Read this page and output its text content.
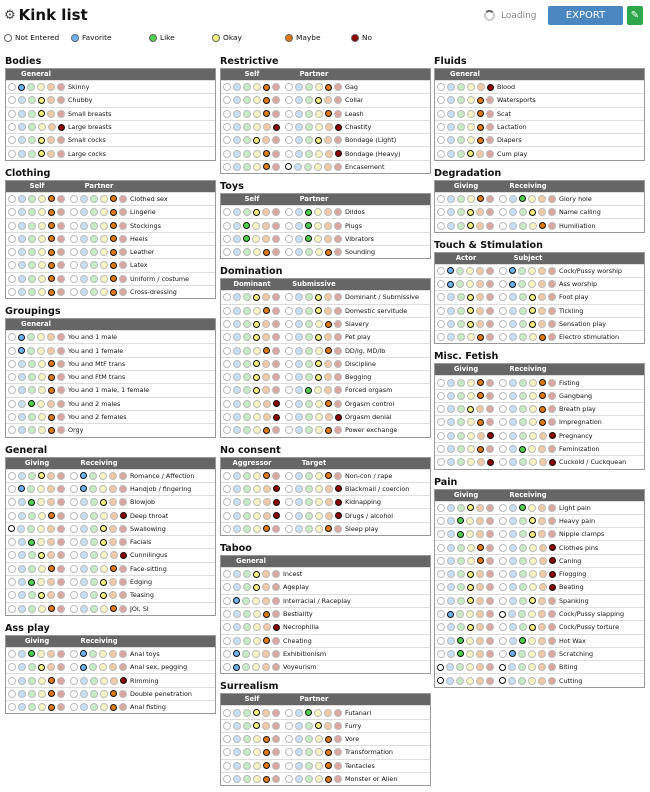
⚙ Kink list	Loading	EXPORT	✎
Not Entered	Favorite	Like	Okay	Maybe	No
Bodies
General
Skinny
Chubby
Small breasts
Large breasts
Small cocks
Large cocks
Clothing
Self	Partner
Clothed sex
Lingerie
Stockings
Heels
Leather
Latex
Uniform / costume
Cross-dressing
Groupings
General
You and 1 male
You and 1 female
You and MtF trans
You and FtM trans
You and 1 male, 1 female
You and 2 males
You and 2 females
Orgy
General
Giving	Receiving
Romance / Affection
Handjob / fingering
Blowjob
Deep throat
Swallowing
Facials
Cunnilingus
Face-sitting
Edging
Teasing
JOI, SI
Ass play
Giving	Receiving
Anal toys
Anal sex, pegging
Rimming
Double penetration
Anal fisting
Restrictive
Self	Partner
Gag
Collar
Leash
Chastity
Bondage (Light)
Bondage (Heavy)
Encasement
Toys
Self	Partner
Dildos
Plugs
Vibrators
Sounding
Domination
Dominant	Submissive
Dominant / Submissive
Domestic servitude
Slavery
Pet play
DD/lg, MD/lb
Discipline
Begging
Forced orgasm
Orgasm control
Orgasm denial
Power exchange
No consent
Aggressor	Target
Non-con / rape
Blackmail / coercion
Kidnapping
Drugs / alcohol
Sleep play
Taboo
General
Incest
Ageplay
Interracial / Raceplay
Bestiality
Necrophilia
Cheating
Exhibitionism
Voyeurism
Surrealism
Self	Partner
Futanari
Furry
Vore
Transformation
Tentacles
Monster or Alien
Fluids
General
Blood
Watersports
Scat
Lactation
Diapers
Cum play
Degradation
Giving	Receiving
Glory hole
Name calling
Humiliation
Touch & Stimulation
Actor	Subject
Cock/Pussy worship
Ass worship
Foot play
Tickling
Sensation play
Electro stimulation
Misc. Fetish
Giving	Receiving
Fisting
Gangbang
Breath play
Impregnation
Pregnancy
Feminization
Cuckold / Cuckquean
Pain
Giving	Receiving
Light pain
Heavy pain
Nipple clamps
Clothes pins
Caning
Flogging
Beating
Spanking
Cock/Pussy slapping
Cock/Pussy torture
Hot Wax
Scratching
Biting
Cutting
